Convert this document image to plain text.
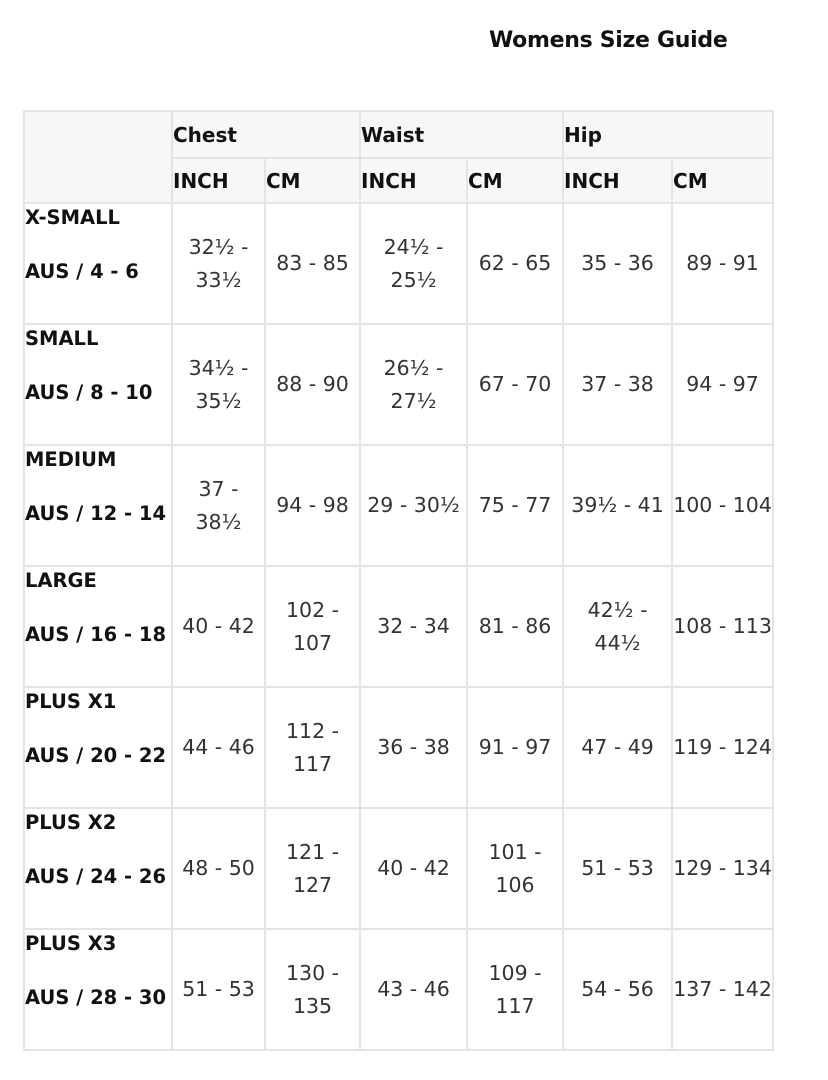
Womens Size Guide
	Chest		Waist		Hip	
	INCH	CM	INCH	CM	INCH	CM

X-SMALL
AUS / 4 - 6	32½ - 33½	83 - 85	24½ - 25½	62 - 65	35 - 36	89 - 91

SMALL
AUS / 8 - 10	34½ - 35½	88 - 90	26½ - 27½	67 - 70	37 - 38	94 - 97

MEDIUM
AUS / 12 - 14	37 - 38½	94 - 98	29 - 30½	75 - 77	39½ - 41	100 - 104

LARGE
AUS / 16 - 18	40 - 42	102 - 107	32 - 34	81 - 86	42½ - 44½	108 - 113

PLUS X1
AUS / 20 - 22	44 - 46	112 - 117	36 - 38	91 - 97	47 - 49	119 - 124

PLUS X2
AUS / 24 - 26	48 - 50	121 - 127	40 - 42	101 - 106	51 - 53	129 - 134

PLUS X3
AUS / 28 - 30	51 - 53	130 - 135	43 - 46	109 - 117	54 - 56	137 - 142
